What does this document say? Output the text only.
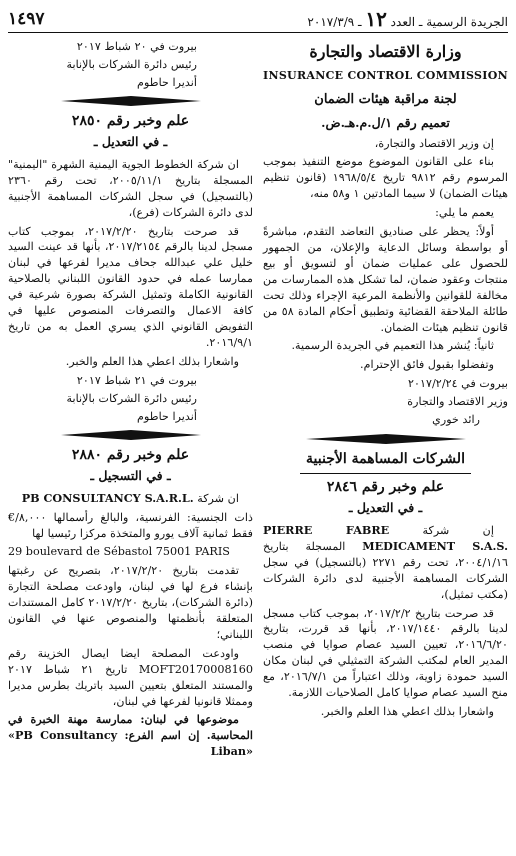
الجريدة الرسمية ـ العدد ١٢ ـ ٢٠١٧/٣/٩
١٤٩٧
وزارة الاقتصاد والتجارة
INSURANCE CONTROL COMMISSION
لجنة مراقبة هيئات الضمان
تعميم رقم ١/ل.م.هـ.ض.

إن وزير الاقتصاد والتجارة،

بناء على القانون الموضوع موضع التنفيذ بموجب المرسوم رقم ٩٨١٢ تاريخ ١٩٦٨/٥/٤ (قانون تنظيم هيئات الضمان) لا سيما المادتين ١ و٥٨ منه،

يعمم ما يلي:

أولاً: يحظر على صناديق التعاضد التقدم، مباشرةً أو بواسطة وسائل الدعاية والإعلان، من الجمهور للحصول على عمليات ضمان أو لتسويق أو بيع منتجات وعقود ضمان، لما تشكل هذه الممارسات من مخالفة للقوانين والأنظمة المرعية الإجراء وذلك تحت طائلة الملاحقة القضائية وتطبيق أحكام المادة ٥٨ من قانون تنظيم هيئات الضمان.

ثانياً: يُنشر هذا التعميم في الجريدة الرسمية.

وتفضلوا بقبول فائق الإحترام.

بيروت في ٢٠١٧/٢/٢٤

وزير الاقتصاد والتجارة

رائد خوري

الشركات المساهمة الأجنبية
علم وخبر رقم ٢٨٤٦
ـ في التعديل ـ

إن شركة PIERRE FABRE MEDICAMENT S.A.S. المسجلة بتاريخ ٢٠٠٤/١/١٦، تحت رقم ٢٢٧١ (بالتسجيل) في سجل الشركات المساهمة الأجنبية لدى دائرة الشركات (مكتب تمثيل)،

قد صرحت بتاريخ ٢٠١٧/٢/٢، بموجب كتاب مسجل لدينا بالرقم ٢٠١٧/١٤٤٠، بأنها قد قررت، بتاريخ ٢٠١٦/٦/٢٠، تعيين السيد عصام صوايا في منصب المدير العام لمكتب الشركة التمثيلي في لبنان مكان السيد حمودة زاوية، وذلك اعتباراً من ٢٠١٦/٧/١، مع منح السيد عصام صوايا كامل الصلاحيات اللازمة.

واشعارا بذلك اعطي هذا العلم والخبر.

بيروت في ٢٠ شباط ٢٠١٧

رئيس دائرة الشركات بالإنابة

أنديرا حاطوم

علم وخبر رقم ٢٨٥٠
ـ في التعديل ـ

ان شركة الخطوط الجوية اليمنية الشهرة "اليمنية" المسجلة بتاريخ ٢٠٠٥/١١/١، تحت رقم ٢٣٦٠ (بالتسجيل) في سجل الشركات المساهمة الأجنبية لدى دائرة الشركات (فرع)،

قد صرحت بتاريخ ٢٠١٧/٢/٢٠، بموجب كتاب مسجل لدينا بالرقم ٢٠١٧/٢١٥٤، بأنها قد عينت السيد خليل علي عبدالله جحاف مديرا لفرعها في لبنان ممارسا عمله في حدود القانون اللبناني بالصلاحية القانونية الكاملة وتمثيل الشركة بصورة شرعية في كافة الاعمال والتصرفات المنصوص عليها في التفويض القانوني الذي يسري العمل به من تاريخ ٢٠١٦/٩/١.

واشعارا بذلك اعطي هذا العلم والخبر.

بيروت في ٢١ شباط ٢٠١٧

رئيس دائرة الشركات بالإنابة

أنديرا حاطوم

علم وخبر رقم ٢٨٨٠
ـ في التسجيل ـ

ان شركة PB CONSULTANCY S.A.R.L.

ذات الجنسية: الفرنسية، والبالغ رأسمالها ٨,٠٠٠/€ فقط ثمانية آلاف يورو والمتخذة مركزا رئيسيا لها

29 boulevard de Sébastol 75001 PARIS

تقدمت بتاريخ ٢٠١٧/٢/٢٠، بتصريح عن رغبتها بإنشاء فرع لها في لبنان، واودعت مصلحة التجارة (دائرة الشركات)، بتاريخ ٢٠١٧/٢/٢٠ كامل المستندات المتعلقة بأنظمتها والمنصوص عنها في القانون اللبناني؛

واودعت المصلحة ايضا ايصال الخزينة رقم MOFT20170008160 تاريخ ٢١ شباط ٢٠١٧ والمستند المتعلق بتعيين السيد باتريك بطرس مديرا وممثلا قانونيا لفرعها في لبنان،

موضوعها في لبنان: ممارسة مهنة الخبرة في المحاسبة. إن اسم الفرع: «PB Consultancy Liban»
